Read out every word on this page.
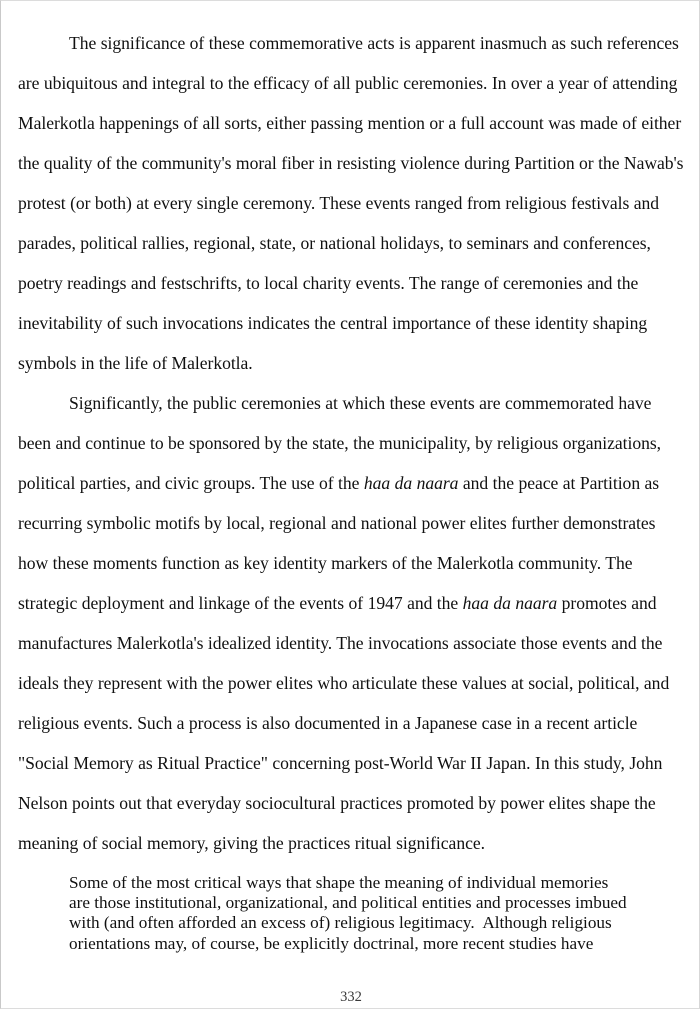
The significance of these commemorative acts is apparent inasmuch as such references are ubiquitous and integral to the efficacy of all public ceremonies. In over a year of attending Malerkotla happenings of all sorts, either passing mention or a full account was made of either the quality of the community's moral fiber in resisting violence during Partition or the Nawab's protest (or both) at every single ceremony. These events ranged from religious festivals and parades, political rallies, regional, state, or national holidays, to seminars and conferences, poetry readings and festschrifts, to local charity events. The range of ceremonies and the inevitability of such invocations indicates the central importance of these identity shaping symbols in the life of Malerkotla.

Significantly, the public ceremonies at which these events are commemorated have been and continue to be sponsored by the state, the municipality, by religious organizations, political parties, and civic groups. The use of the haa da naara and the peace at Partition as recurring symbolic motifs by local, regional and national power elites further demonstrates how these moments function as key identity markers of the Malerkotla community. The strategic deployment and linkage of the events of 1947 and the haa da naara promotes and manufactures Malerkotla's idealized identity. The invocations associate those events and the ideals they represent with the power elites who articulate these values at social, political, and religious events. Such a process is also documented in a Japanese case in a recent article "Social Memory as Ritual Practice" concerning post-World War II Japan. In this study, John Nelson points out that everyday sociocultural practices promoted by power elites shape the meaning of social memory, giving the practices ritual significance.

Some of the most critical ways that shape the meaning of individual memories
are those institutional, organizational, and political entities and processes imbued
with (and often afforded an excess of) religious legitimacy.  Although religious
orientations may, of course, be explicitly doctrinal, more recent studies have
332
